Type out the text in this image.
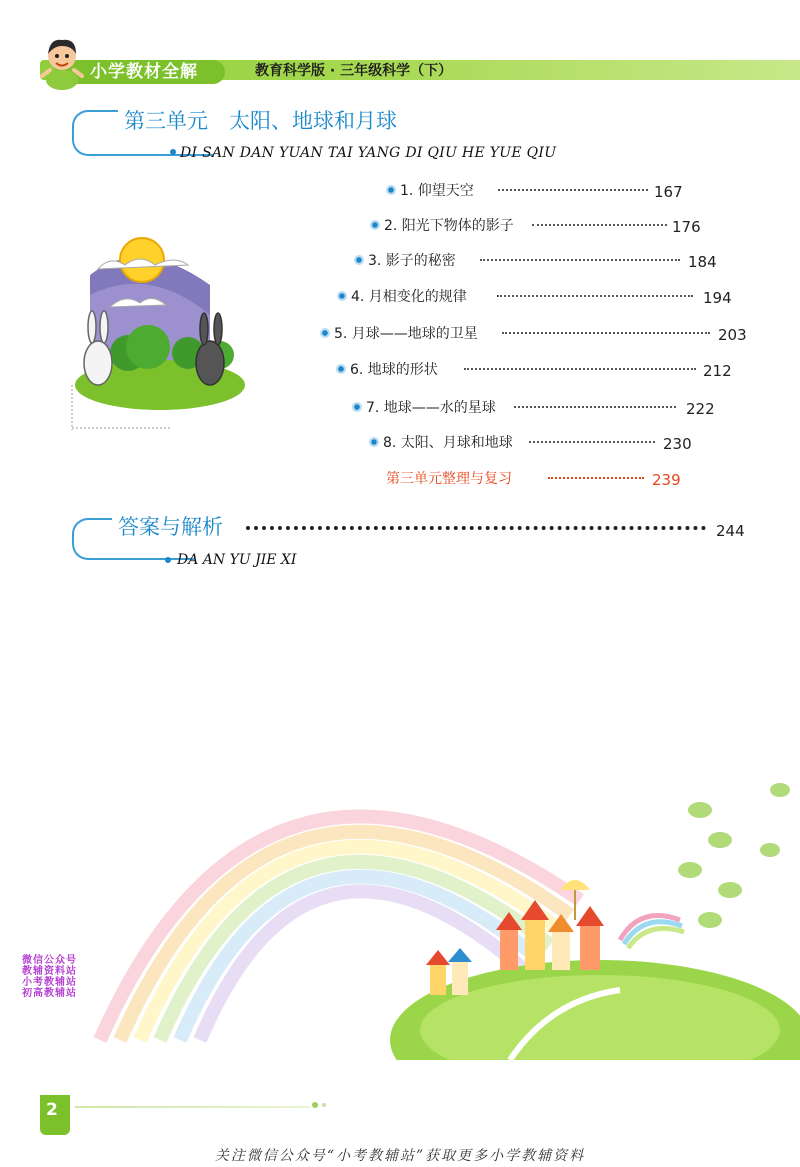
小学教材全解	教育科学版 · 三年级科学（下）
第三单元　太阳、地球和月球
DI SAN DAN YUAN TAI YANG DI QIU HE YUE QIU
1. 仰望天空	167
2. 阳光下物体的影子	176
3. 影子的秘密	184
4. 月相变化的规律	194
5. 月球——地球的卫星	203
6. 地球的形状	212
7. 地球——水的星球	222
8. 太阳、月球和地球	230
第三单元整理与复习	239
答案与解析	244
DA AN YU JIE XI
微信公众号
教辅资料站
小考教辅站
初高教辅站
2
关注微信公众号“小考教辅站”获取更多小学教辅资料
